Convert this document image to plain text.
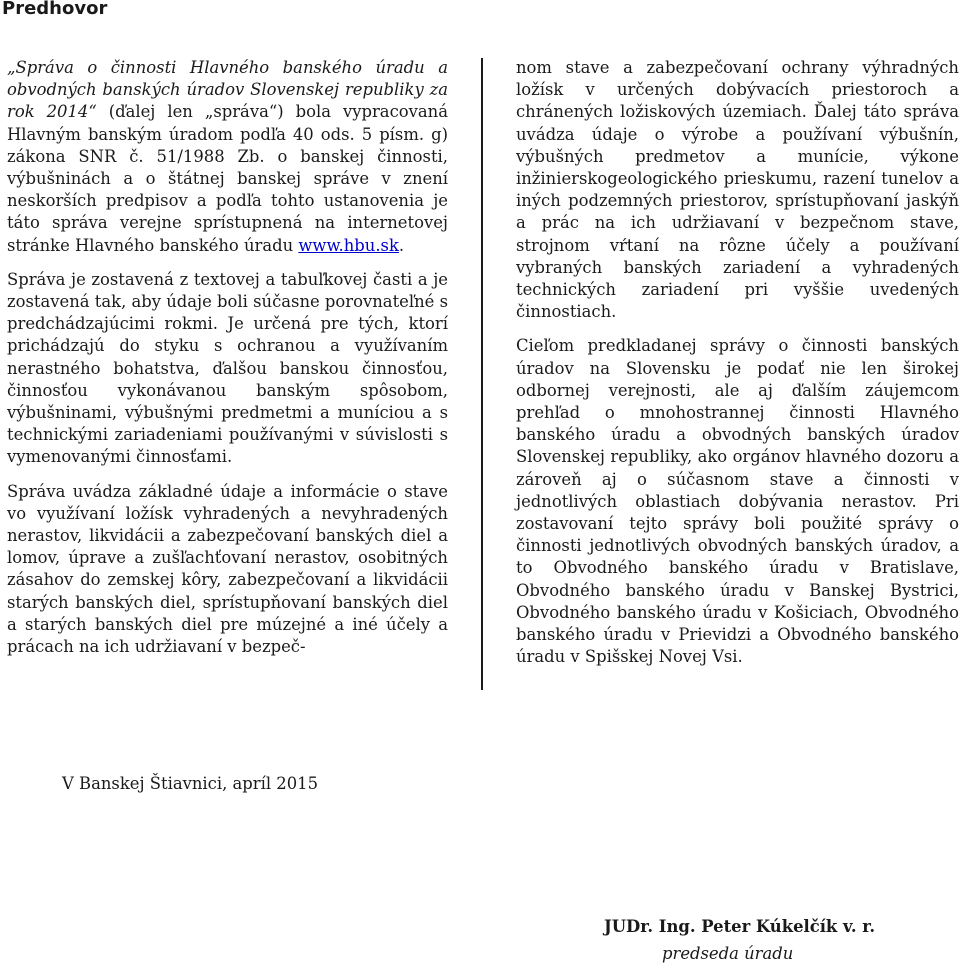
Predhovor

„Správa o činnosti Hlavného banského úradu a obvodných banských úradov Slovenskej republiky za rok 2014“ (ďalej len „správa“) bola vypracovaná Hlavným banským úradom podľa 40 ods. 5 písm. g) zákona SNR č. 51/1988 Zb. o banskej činnosti, výbušninách a o štátnej banskej správe v znení neskorších predpisov a podľa tohto ustanovenia je táto správa verejne sprístupnená na internetovej stránke Hlavného banského úradu www.hbu.sk.

Správa je zostavená z textovej a tabuľkovej časti a je zostavená tak, aby údaje boli súčasne porovnateľné s predchádzajúcimi rokmi. Je určená pre tých, ktorí prichádzajú do styku s ochranou a využívaním nerastného bohatstva, ďalšou banskou činnosťou, činnosťou vykonávanou banským spôsobom, výbušninami, výbušnými predmetmi a muníciou a s technickými zariadeniami používanými v súvislosti s vymenovanými činnosťami.

Správa uvádza základné údaje a informácie o stave vo využívaní ložísk vyhradených a nevyhradených nerastov, likvidácii a zabezpečovaní banských diel a lomov, úprave a zušľachťovaní nerastov, osobitných zásahov do zemskej kôry, zabezpečovaní a likvidácii starých banských diel, sprístupňovaní banských diel a starých banských diel pre múzejné a iné účely a prácach na ich udržiavaní v bezpeč-

nom stave a zabezpečovaní ochrany výhradných ložísk v určených dobývacích priestoroch a chránených ložiskových územiach. Ďalej táto správa uvádza údaje o výrobe a používaní výbušnín, výbušných predmetov a munície, výkone inžinierskogeologického prieskumu, razení tunelov a iných podzemných priestorov, sprístupňovaní jaskýň a prác na ich udržiavaní v bezpečnom stave, strojnom vŕtaní na rôzne účely a používaní vybraných banských zariadení a vyhradených technických zariadení pri vyššie uvedených činnostiach.

Cieľom predkladanej správy o činnosti banských úradov na Slovensku je podať nie len širokej odbornej verejnosti, ale aj ďalším záujemcom prehľad o mnohostrannej činnosti Hlavného banského úradu a obvodných banských úradov Slovenskej republiky, ako orgánov hlavného dozoru a zároveň aj o súčasnom stave a činnosti v jednotlivých oblastiach dobývania nerastov. Pri zostavovaní tejto správy boli použité správy o činnosti jednotlivých obvodných banských úradov, a to Obvodného banského úradu v Bratislave, Obvodného banského úradu v Banskej Bystrici, Obvodného banského úradu v Košiciach, Obvodného banského úradu v Prievidzi a Obvodného banského úradu v Spišskej Novej Vsi.

V Banskej Štiavnici, apríl 2015
JUDr. Ing. Peter Kúkelčík v. r.
predseda úradu
